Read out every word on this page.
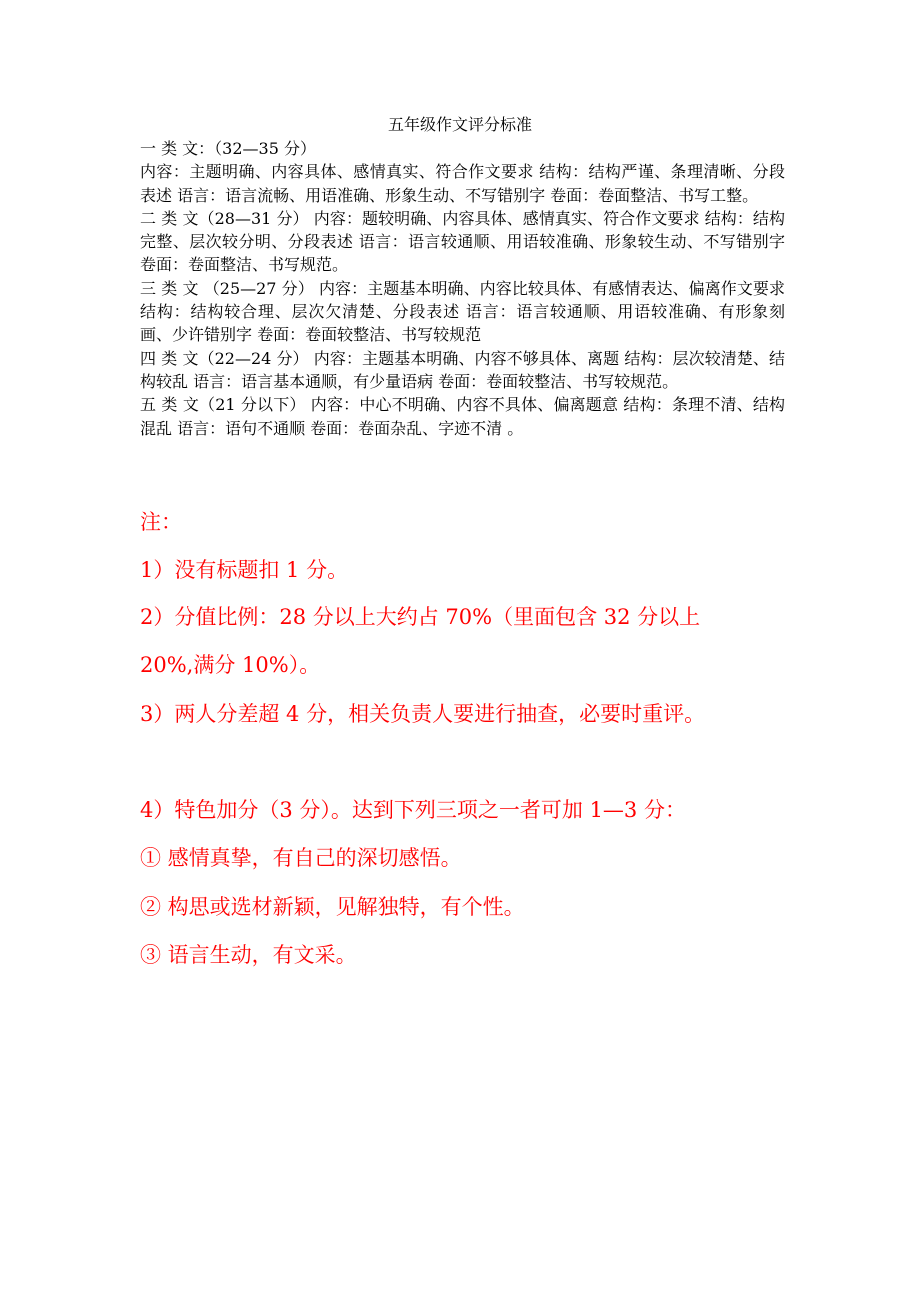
五年级作文评分标准

一 类 文：（32—35 分）

内容：主题明确、内容具体、感情真实、符合作文要求 结构：结构严谨、条理清晰、分段表述 语言：语言流畅、用语准确、形象生动、不写错别字 卷面：卷面整洁、书写工整。

二 类 文（28—31 分） 内容：题较明确、内容具体、感情真实、符合作文要求 结构：结构完整、层次较分明、分段表述 语言：语言较通顺、用语较准确、形象较生动、不写错别字 卷面：卷面整洁、书写规范。

三 类 文 （25—27 分） 内容：主题基本明确、内容比较具体、有感情表达、偏离作文要求 结构：结构较合理、层次欠清楚、分段表述 语言：语言较通顺、用语较准确、有形象刻画、少许错别字 卷面：卷面较整洁、书写较规范

四 类 文（22—24 分） 内容：主题基本明确、内容不够具体、离题 结构：层次较清楚、结构较乱 语言：语言基本通顺，有少量语病 卷面：卷面较整洁、书写较规范。

五 类 文（21 分以下） 内容：中心不明确、内容不具体、偏离题意 结构：条理不清、结构混乱 语言：语句不通顺 卷面：卷面杂乱、字迹不清 。

注：
1）没有标题扣 1 分。
2）分值比例：28 分以上大约占 70%（里面包含 32 分以上
20%,满分 10%）。
3）两人分差超 4 分，相关负责人要进行抽查，必要时重评。
4）特色加分（3 分）。达到下列三项之一者可加 1—3 分：
① 感情真挚，有自己的深切感悟。
② 构思或选材新颖，见解独特，有个性。
③ 语言生动，有文采。
